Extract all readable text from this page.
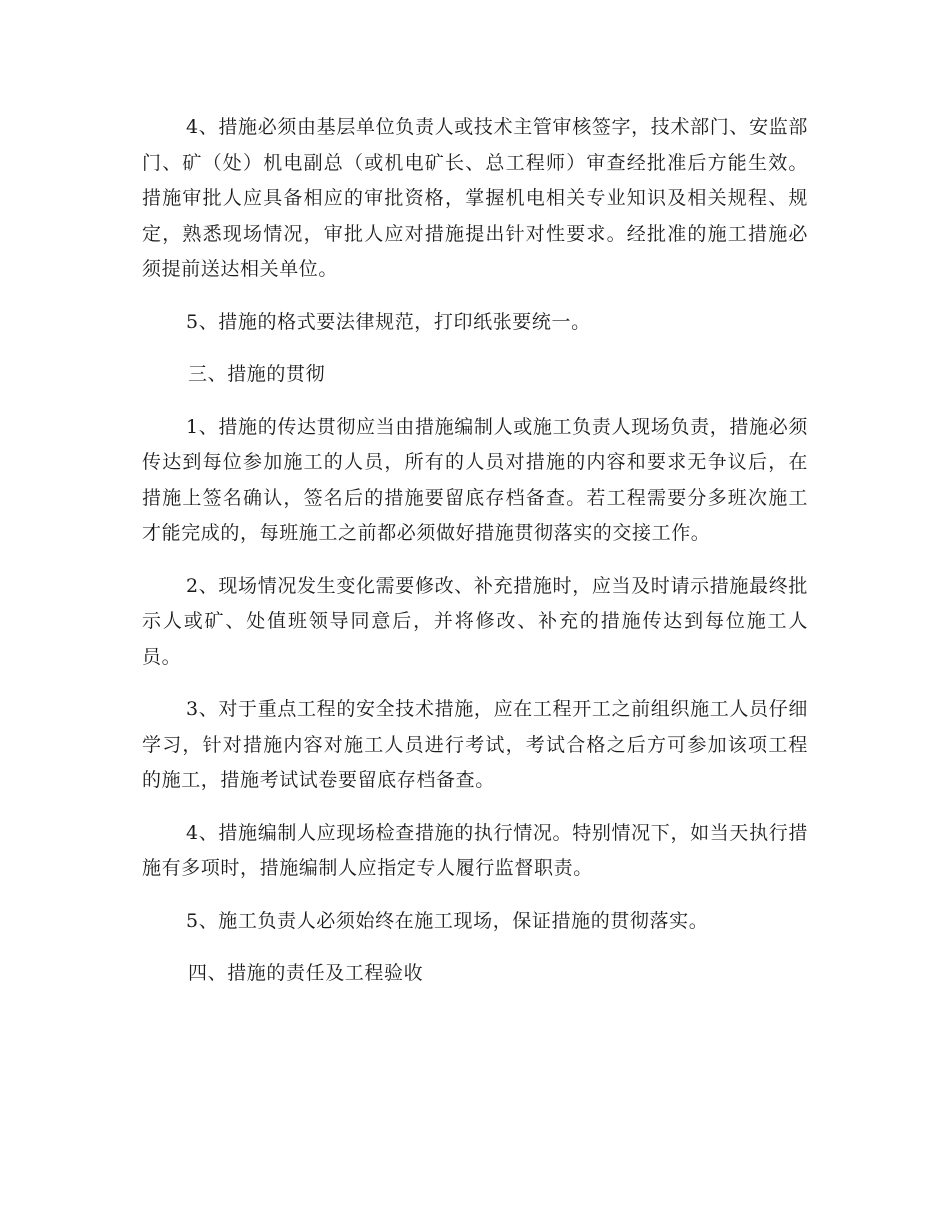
4、措施必须由基层单位负责人或技术主管审核签字，技术部门、安监部门、矿（处）机电副总（或机电矿长、总工程师）审查经批准后方能生效。措施审批人应具备相应的审批资格，掌握机电相关专业知识及相关规程、规定，熟悉现场情况，审批人应对措施提出针对性要求。经批准的施工措施必须提前送达相关单位。

5、措施的格式要法律规范，打印纸张要统一。

三、措施的贯彻

1、措施的传达贯彻应当由措施编制人或施工负责人现场负责，措施必须传达到每位参加施工的人员，所有的人员对措施的内容和要求无争议后，在措施上签名确认，签名后的措施要留底存档备查。若工程需要分多班次施工才能完成的，每班施工之前都必须做好措施贯彻落实的交接工作。

2、现场情况发生变化需要修改、补充措施时，应当及时请示措施最终批示人或矿、处值班领导同意后，并将修改、补充的措施传达到每位施工人员。

3、对于重点工程的安全技术措施，应在工程开工之前组织施工人员仔细学习，针对措施内容对施工人员进行考试，考试合格之后方可参加该项工程的施工，措施考试试卷要留底存档备查。

4、措施编制人应现场检查措施的执行情况。特别情况下，如当天执行措施有多项时，措施编制人应指定专人履行监督职责。

5、施工负责人必须始终在施工现场，保证措施的贯彻落实。

四、措施的责任及工程验收
